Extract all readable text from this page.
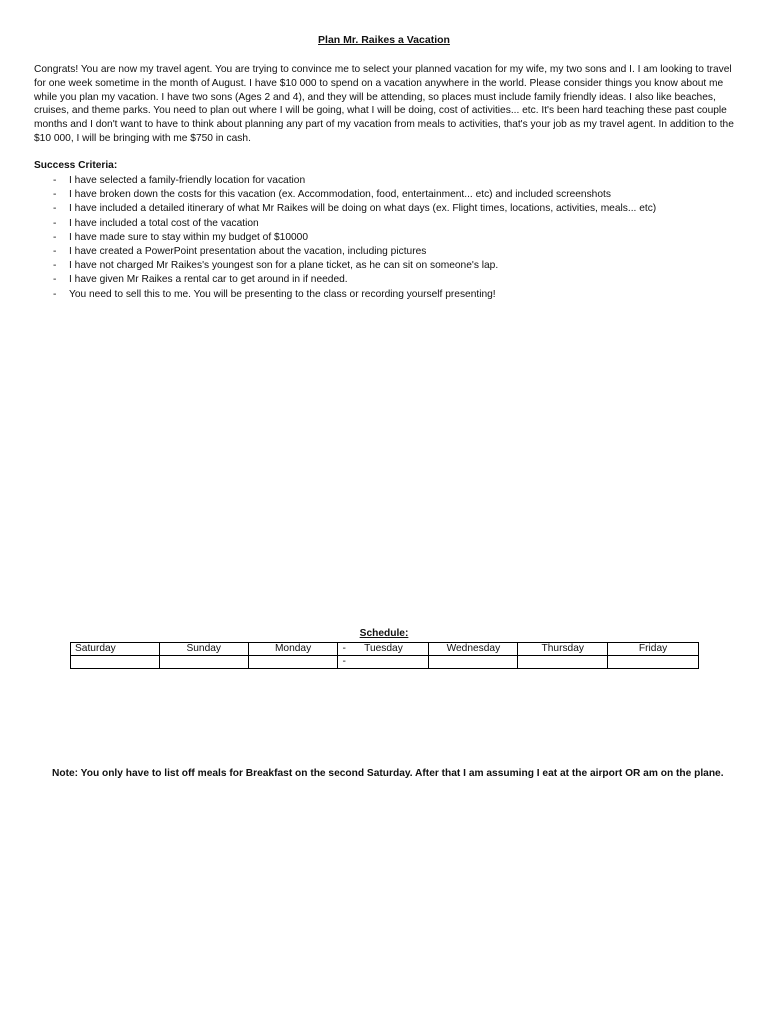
Plan Mr. Raikes a Vacation

Congrats! You are now my travel agent. You are trying to convince me to select your planned vacation for my wife, my two sons and I. I am looking to travel for one week sometime in the month of August. I have $10 000 to spend on a vacation anywhere in the world. Please consider things you know about me while you plan my vacation. I have two sons (Ages 2 and 4), and they will be attending, so places must include family friendly ideas. I also like beaches, cruises, and theme parks. You need to plan out where I will be going, what I will be doing, cost of activities... etc. It's been hard teaching these past couple months and I don't want to have to think about planning any part of my vacation from meals to activities, that's your job as my travel agent. In addition to the $10 000, I will be bringing with me $750 in cash.

Success Criteria:
- I have selected a family-friendly location for vacation
- I have broken down the costs for this vacation (ex. Accommodation, food, entertainment... etc) and included screenshots
- I have included a detailed itinerary of what Mr Raikes will be doing on what days (ex. Flight times, locations, activities, meals... etc)
- I have included a total cost of the vacation
- I have made sure to stay within my budget of $10000
- I have created a PowerPoint presentation about the vacation, including pictures
- I have not charged Mr Raikes's youngest son for a plane ticket, as he can sit on someone's lap.
- I have given Mr Raikes a rental car to get around in if needed.
- You need to sell this to me. You will be presenting to the class or recording yourself presenting!
Schedule:
Saturday	Sunday	Monday	- Tuesday	Wednesday	Thursday	Friday
			-			

Note: You only have to list off meals for Breakfast on the second Saturday. After that I am assuming I eat at the airport OR am on the plane.
